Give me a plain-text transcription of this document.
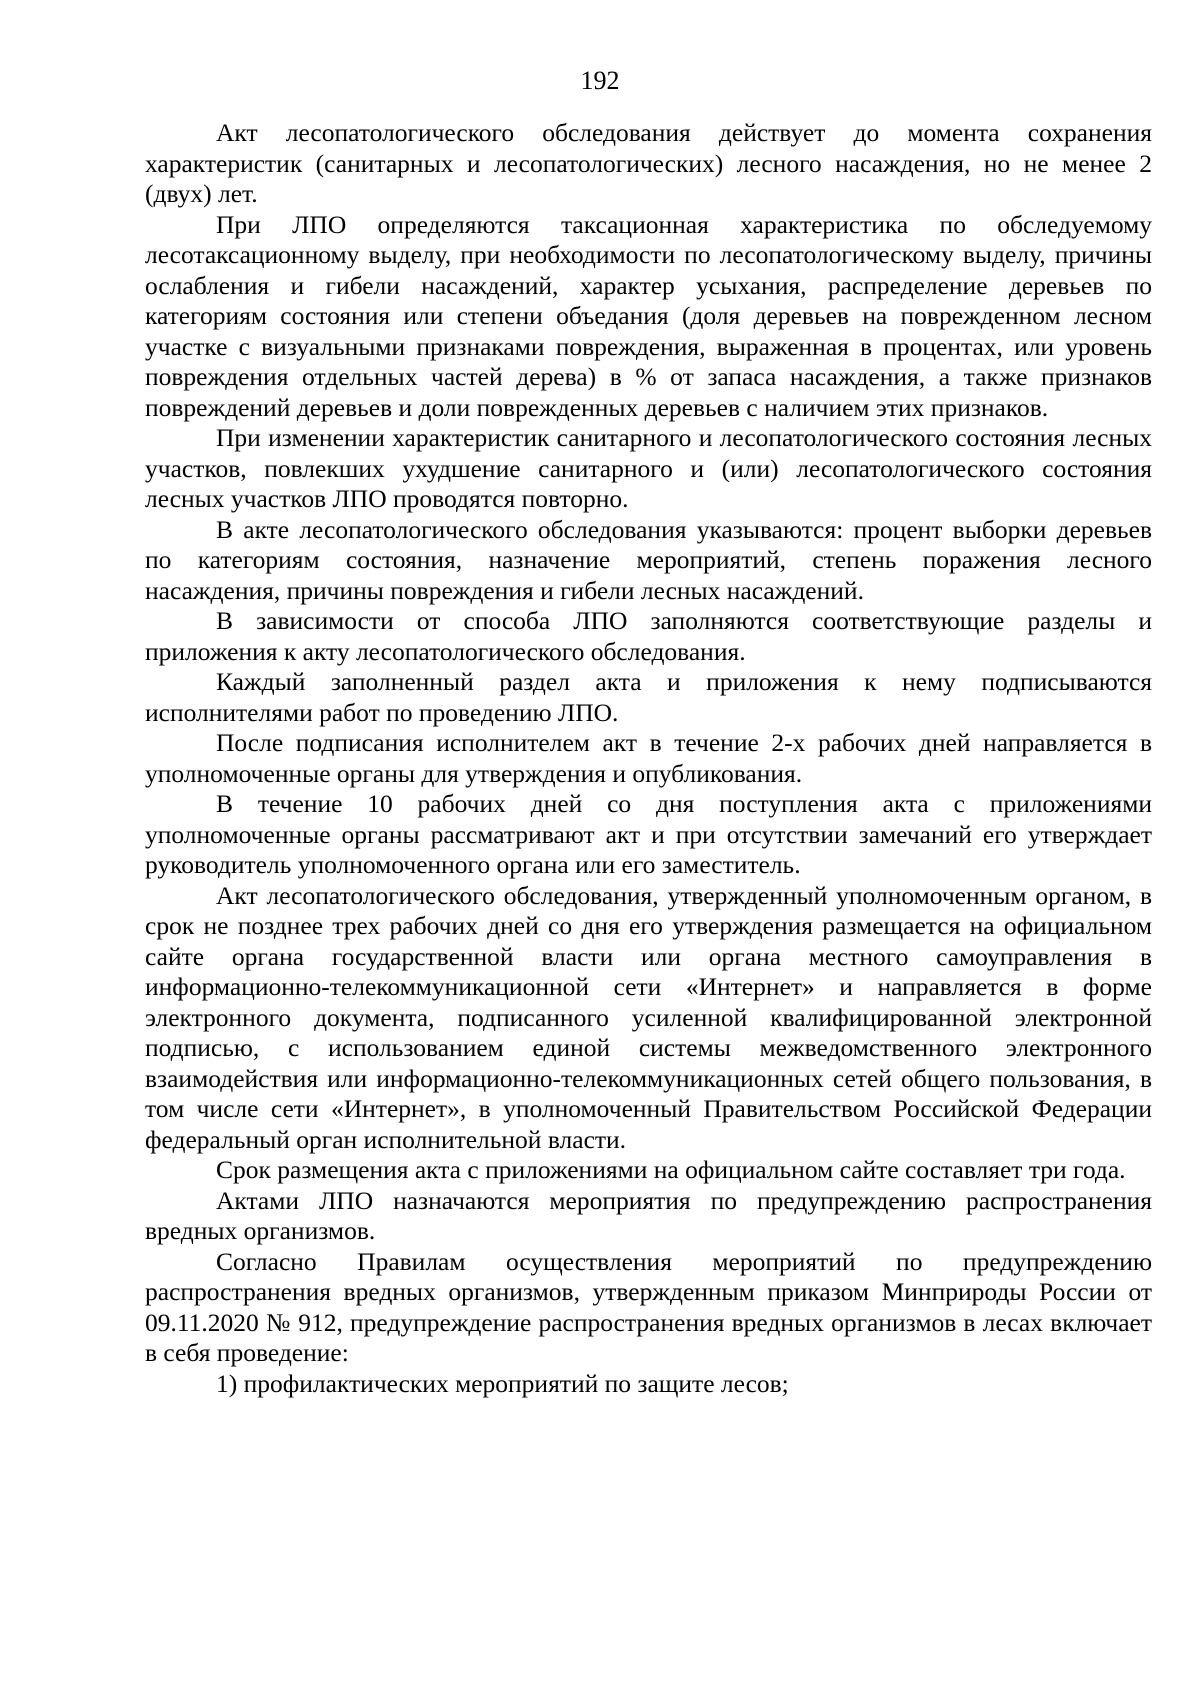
192

Акт лесопатологического обследования действует до момента сохранения характеристик (санитарных и лесопатологических) лесного насаждения, но не менее 2 (двух) лет.

При ЛПО определяются таксационная характеристика по обследуемому лесотаксационному выделу, при необходимости по лесопатологическому выделу, причины ослабления и гибели насаждений, характер усыхания, распределение деревьев по категориям состояния или степени объедания (доля деревьев на поврежденном лесном участке с визуальными признаками повреждения, выраженная в процентах, или уровень повреждения отдельных частей дерева) в % от запаса насаждения, а также признаков повреждений деревьев и доли поврежденных деревьев с наличием этих признаков.

При изменении характеристик санитарного и лесопатологического состояния лесных участков, повлекших ухудшение санитарного и (или) лесопатологического состояния лесных участков ЛПО проводятся повторно.

В акте лесопатологического обследования указываются: процент выборки деревьев по категориям состояния, назначение мероприятий, степень поражения лесного насаждения, причины повреждения и гибели лесных насаждений.

В зависимости от способа ЛПО заполняются соответствующие разделы и приложения к акту лесопатологического обследования.

Каждый заполненный раздел акта и приложения к нему подписываются исполнителями работ по проведению ЛПО.

После подписания исполнителем акт в течение 2-х рабочих дней направляется в уполномоченные органы для утверждения и опубликования.

В течение 10 рабочих дней со дня поступления акта с приложениями уполномоченные органы рассматривают акт и при отсутствии замечаний его утверждает руководитель уполномоченного органа или его заместитель.

Акт лесопатологического обследования, утвержденный уполномоченным органом, в срок не позднее трех рабочих дней со дня его утверждения размещается на официальном сайте органа государственной власти или органа местного самоуправления в информационно-телекоммуникационной сети «Интернет» и направляется в форме электронного документа, подписанного усиленной квалифицированной электронной подписью, с использованием единой системы межведомственного электронного взаимодействия или информационно-телекоммуникационных сетей общего пользования, в том числе сети «Интернет», в уполномоченный Правительством Российской Федерации федеральный орган исполнительной власти.

Срок размещения акта с приложениями на официальном сайте составляет три года.

Актами ЛПО назначаются мероприятия по предупреждению распространения вредных организмов.

Согласно Правилам осуществления мероприятий по предупреждению распространения вредных организмов, утвержденным приказом Минприроды России от 09.11.2020 № 912, предупреждение распространения вредных организмов в лесах включает в себя проведение:

1) профилактических мероприятий по защите лесов;
